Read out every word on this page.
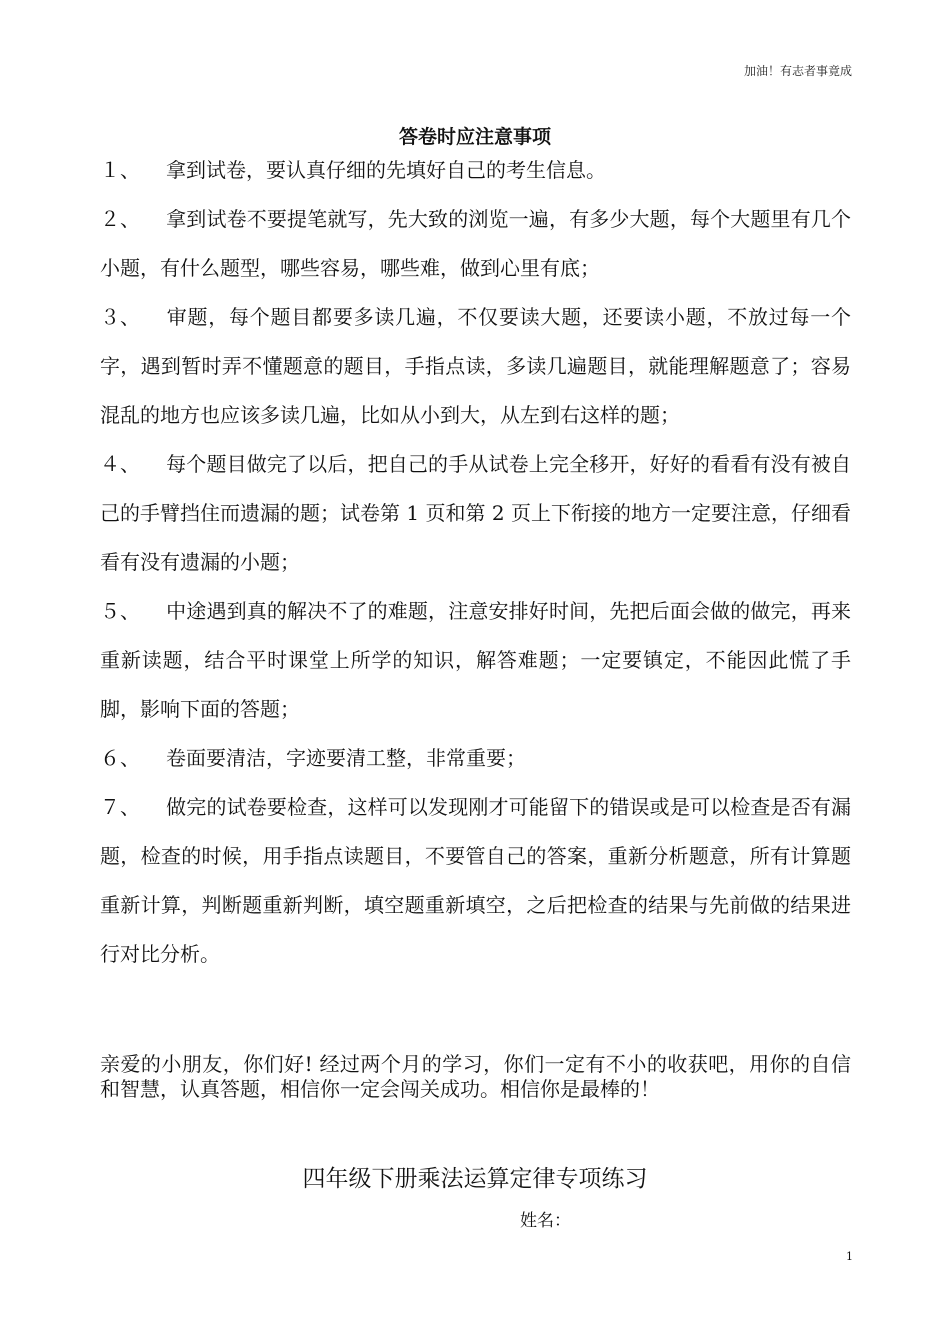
加油！有志者事竟成
答卷时应注意事项
１、 拿到试卷，要认真仔细的先填好自己的考生信息。
２、 拿到试卷不要提笔就写，先大致的浏览一遍，有多少大题，每个大题里有几个小题，有什么题型，哪些容易，哪些难，做到心里有底；
３、 审题，每个题目都要多读几遍，不仅要读大题，还要读小题，不放过每一个字，遇到暂时弄不懂题意的题目，手指点读，多读几遍题目，就能理解题意了；容易混乱的地方也应该多读几遍，比如从小到大，从左到右这样的题；
４、 每个题目做完了以后，把自己的手从试卷上完全移开，好好的看看有没有被自己的手臂挡住而遗漏的题；试卷第 1 页和第 2 页上下衔接的地方一定要注意，仔细看看有没有遗漏的小题；
５、 中途遇到真的解决不了的难题，注意安排好时间，先把后面会做的做完，再来重新读题，结合平时课堂上所学的知识，解答难题；一定要镇定，不能因此慌了手脚，影响下面的答题；
６、 卷面要清洁，字迹要清工整，非常重要；
７、 做完的试卷要检查，这样可以发现刚才可能留下的错误或是可以检查是否有漏题，检查的时候，用手指点读题目，不要管自己的答案，重新分析题意，所有计算题重新计算，判断题重新判断，填空题重新填空，之后把检查的结果与先前做的结果进行对比分析。
亲爱的小朋友，你们好! 经过两个月的学习，你们一定有不小的收获吧，用你的自信和智慧，认真答题，相信你一定会闯关成功。相信你是最棒的！
四年级下册乘法运算定律专项练习
姓名：
1
